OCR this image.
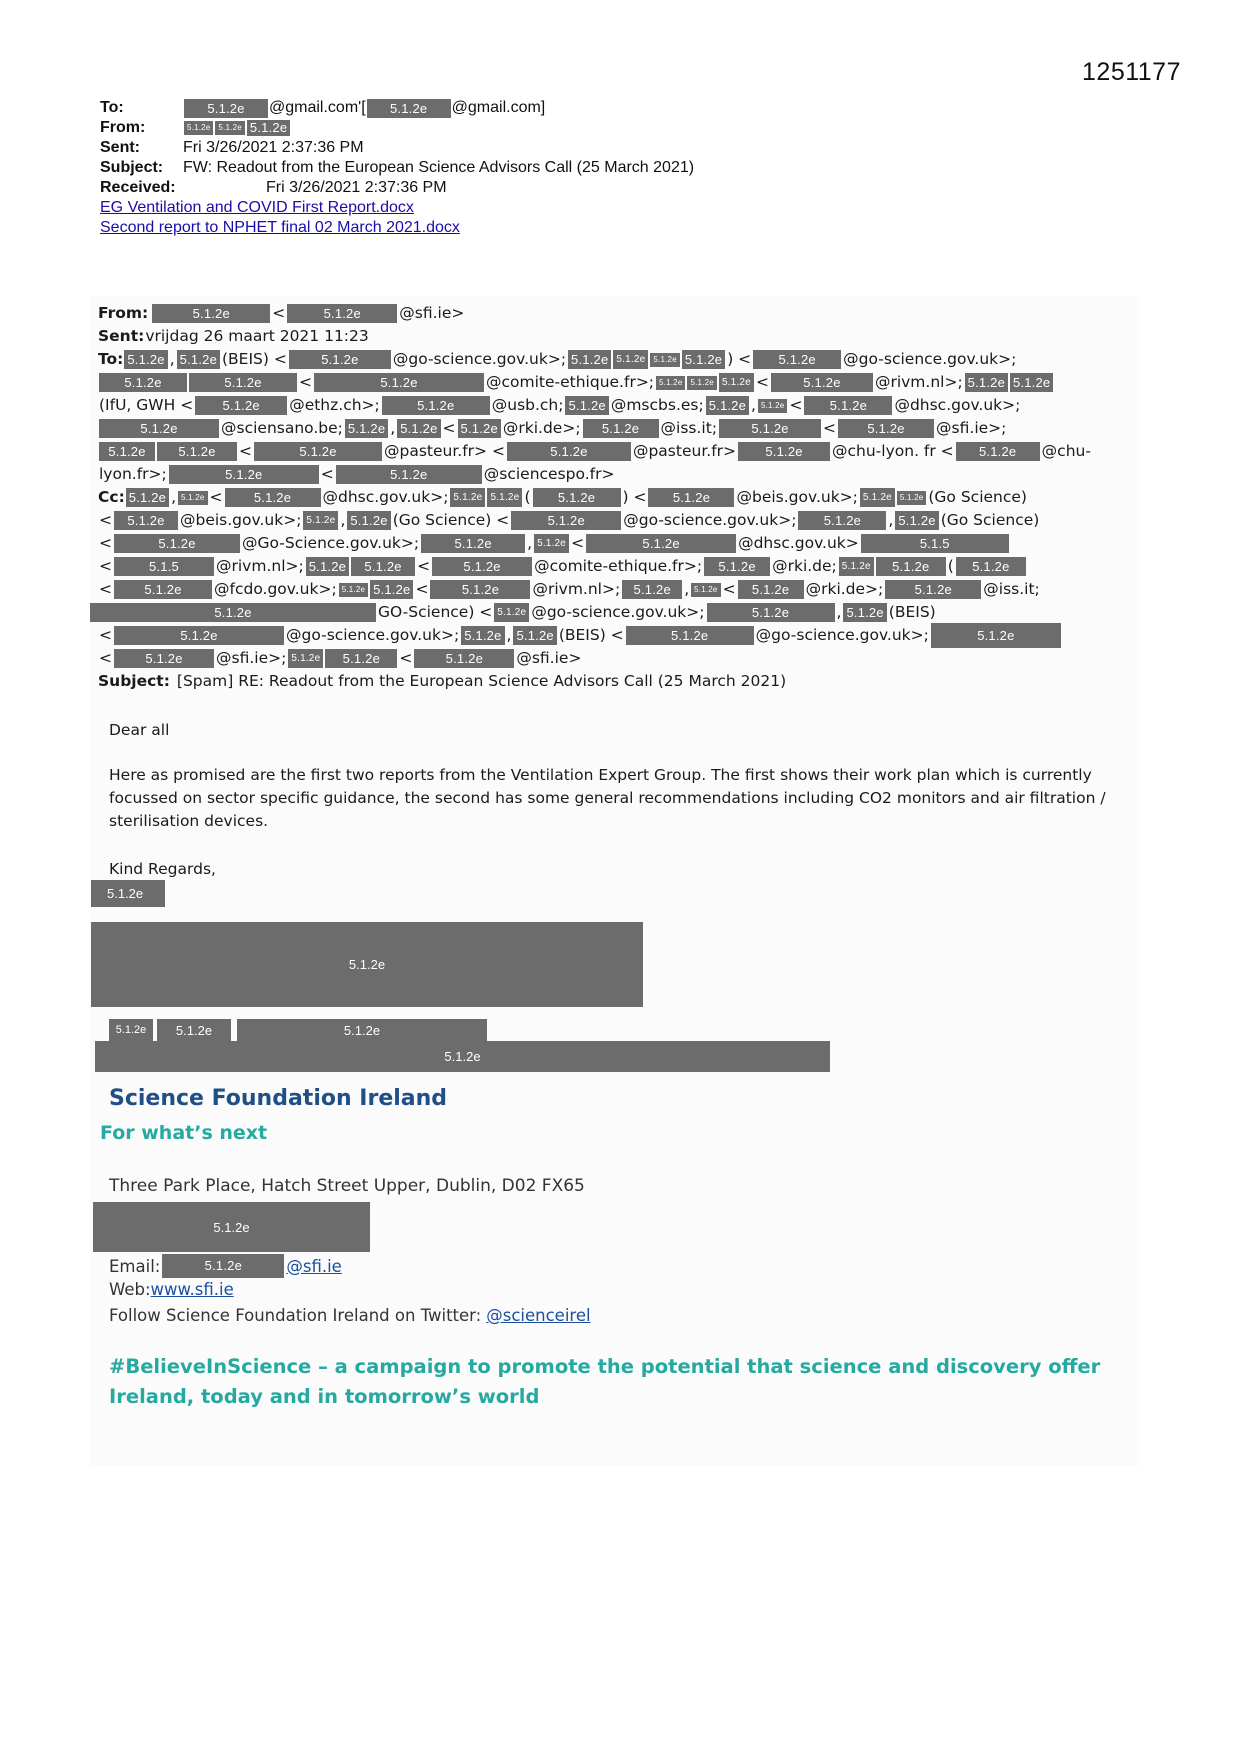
1251177
To:	5.1.2e	@gmail.com'[	5.1.2e	@gmail.com]
From:	5.1.2e	5.1.2e 5.1.2e
Sent:	Fri 3/26/2021 2:37:36 PM
Subject:	FW: Readout from the European Science Advisors Call (25 March 2021)
Received:	Fri 3/26/2021 2:37:36 PM
EG Ventilation and COVID First Report.docx
Second report to NPHET final 02 March 2021.docx
From:	5.1.2e	<	5.1.2e	@sfi.ie>
Sent: vrijdag 26 maart 2021 11:23
To: 5.1.2e , 5.1.2e (BEIS) <	5.1.2e	@go-science.gov.uk>; 5.1.2e 5.1.2e	5.1.2e 5.1.2e ) <	5.1.2e	@go-science.gov.uk>;
5.1.2e	5.1.2e	<	5.1.2e	@comite-ethique.fr>; 5.1.2e	5.1.2e 5.1.2e <	5.1.2e	@rivm.nl>; 5.1.2e 5.1.2e
(IfU, GWH <	5.1.2e	@ethz.ch>;	5.1.2e	@usb.ch; 5.1.2e @mscbs.es; 5.1.2e , 5.1.2e <	5.1.2e	@dhsc.gov.uk>;
5.1.2e	@sciensano.be; 5.1.2e , 5.1.2e < 5.1.2e @rki.de>;	5.1.2e	@iss.it;	5.1.2e	<	5.1.2e	@sfi.ie>;
5.1.2e	5.1.2e	<	5.1.2e	@pasteur.fr> <	5.1.2e	@pasteur.fr>	5.1.2e	@chu-lyon. fr <	5.1.2e	@chu-
lyon.fr>;	5.1.2e	<	5.1.2e	@sciencespo.fr>
Cc: 5.1.2e , 5.1.2e <	5.1.2e	@dhsc.gov.uk>; 5.1.2e 5.1.2e (	5.1.2e	) <	5.1.2e	@beis.gov.uk>; 5.1.2e	5.1.2e (Go Science)
<	5.1.2e @beis.gov.uk>; 5.1.2e , 5.1.2e (Go Science) <	5.1.2e	@go-science.gov.uk>;	5.1.2e	, 5.1.2e (Go Science)
<	5.1.2e	@Go-Science.gov.uk>;	5.1.2e	, 5.1.2e <	5.1.2e	@dhsc.gov.uk>	5.1.5
<	5.1.5	@rivm.nl>; 5.1.2e	5.1.2e <	5.1.2e	@comite-ethique.fr>;	5.1.2e	@rki.de; 5.1.2e	5.1.2e	(	5.1.2e
<	5.1.2e	@fcdo.gov.uk>; 5.1.2e 5.1.2e <	5.1.2e	@rivm.nl>;	5.1.2e , 5.1.2e <	5.1.2e	@rki.de>;	5.1.2e	@iss.it;
5.1.2e	GO-Science) < 5.1.2e @go-science.gov.uk>;	5.1.2e	, 5.1.2e (BEIS)
<	5.1.2e	@go-science.gov.uk>; 5.1.2e , 5.1.2e (BEIS) <	5.1.2e	@go-science.gov.uk>;	5.1.2e
<	5.1.2e	@sfi.ie>; 5.1.2e	5.1.2e	<	5.1.2e	@sfi.ie>
Subject: [Spam] RE: Readout from the European Science Advisors Call (25 March 2021)
Dear all
Here as promised are the first two reports from the Ventilation Expert Group. The first shows their work plan which is currently focussed on sector specific guidance, the second has some general recommendations including CO2 monitors and air filtration / sterilisation devices.
Kind Regards,
5.1.2e
5.1.2e
5.1.2e	5.1.2e	5.1.2e
5.1.2e
Science Foundation Ireland
For what’s next
Three Park Place, Hatch Street Upper, Dublin, D02 FX65
5.1.2e
Email:	5.1.2e	@sfi.ie
Web: www.sfi.ie
Follow Science Foundation Ireland on Twitter: @scienceirel
#BelieveInScience – a campaign to promote the potential that science and discovery offer Ireland, today and in tomorrow’s world
